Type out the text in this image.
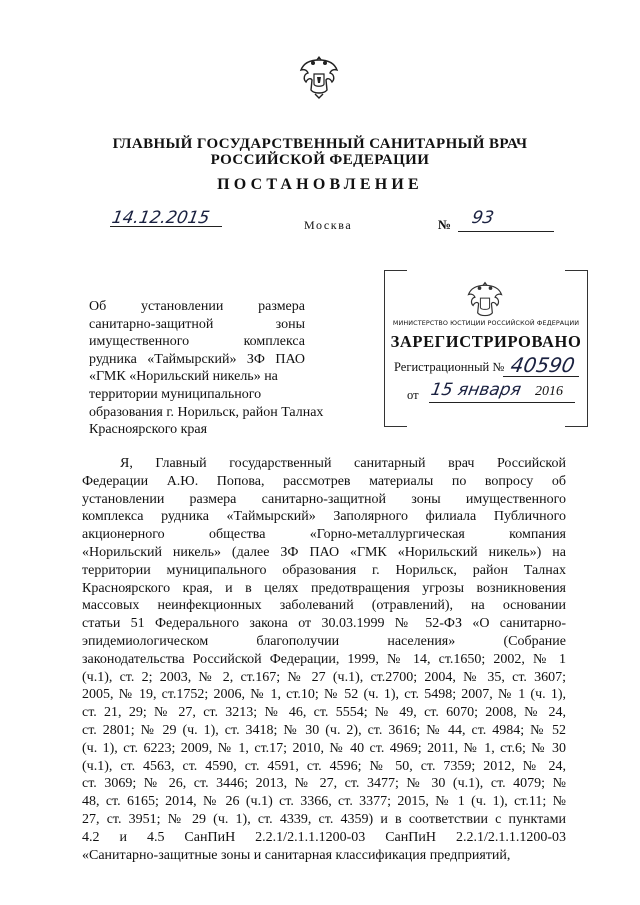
ГЛАВНЫЙ ГОСУДАРСТВЕННЫЙ САНИТАРНЫЙ ВРАЧ
РОССИЙСКОЙ ФЕДЕРАЦИИ
ПОСТАНОВЛЕНИЕ
14.12.2015	Москва	№ 93
Об установлении размера
санитарно-защитной зоны
имущественного комплекса
рудника «Таймырский» ЗФ ПАО
«ГМК «Норильский никель» на
территории муниципального
образования г. Норильск, район Талнах
Красноярского края
МИНИСТЕРСТВО ЮСТИЦИИ РОССИЙСКОЙ ФЕДЕРАЦИИ
ЗАРЕГИСТРИРОВАНО
Регистрационный № 40590
от 15 января 2016
Я, Главный государственный санитарный врач Российской
Федерации А.Ю. Попова, рассмотрев материалы по вопросу об
установлении размера санитарно-защитной зоны имущественного
комплекса рудника «Таймырский» Заполярного филиала Публичного
акционерного общества «Горно-металлургическая компания
«Норильский никель» (далее ЗФ ПАО «ГМК «Норильский никель») на
территории муниципального образования г. Норильск, район Талнах
Красноярского края, и в целях предотвращения угрозы возникновения
массовых неинфекционных заболеваний (отравлений), на основании
статьи 51 Федерального закона от 30.03.1999 № 52-ФЗ «О санитарно-
эпидемиологическом благополучии населения» (Собрание
законодательства Российской Федерации, 1999, № 14, ст.1650; 2002, № 1
(ч.1), ст. 2; 2003, № 2, ст.167; № 27 (ч.1), ст.2700; 2004, № 35, ст. 3607;
2005, № 19, ст.1752; 2006, № 1, ст.10; № 52 (ч. 1), ст. 5498; 2007, № 1 (ч. 1),
ст. 21, 29; № 27, ст. 3213; № 46, ст. 5554; № 49, ст. 6070; 2008, № 24,
ст. 2801; № 29 (ч. 1), ст. 3418; № 30 (ч. 2), ст. 3616; № 44, ст. 4984; № 52
(ч. 1), ст. 6223; 2009, № 1, ст.17; 2010, № 40 ст. 4969; 2011, № 1, ст.6; № 30
(ч.1), ст. 4563, ст. 4590, ст. 4591, ст. 4596; № 50, ст. 7359; 2012, № 24,
ст. 3069; № 26, ст. 3446; 2013, № 27, ст. 3477; № 30 (ч.1), ст. 4079; №
48, ст. 6165; 2014, № 26 (ч.1) ст. 3366, ст. 3377; 2015, № 1 (ч. 1), ст.11; №
27, ст. 3951; № 29 (ч. 1), ст. 4339, ст. 4359) и в соответствии с пунктами
4.2 и 4.5 СанПиН 2.2.1/2.1.1.1200-03 СанПиН 2.2.1/2.1.1.1200-03
«Санитарно-защитные зоны и санитарная классификация предприятий,
